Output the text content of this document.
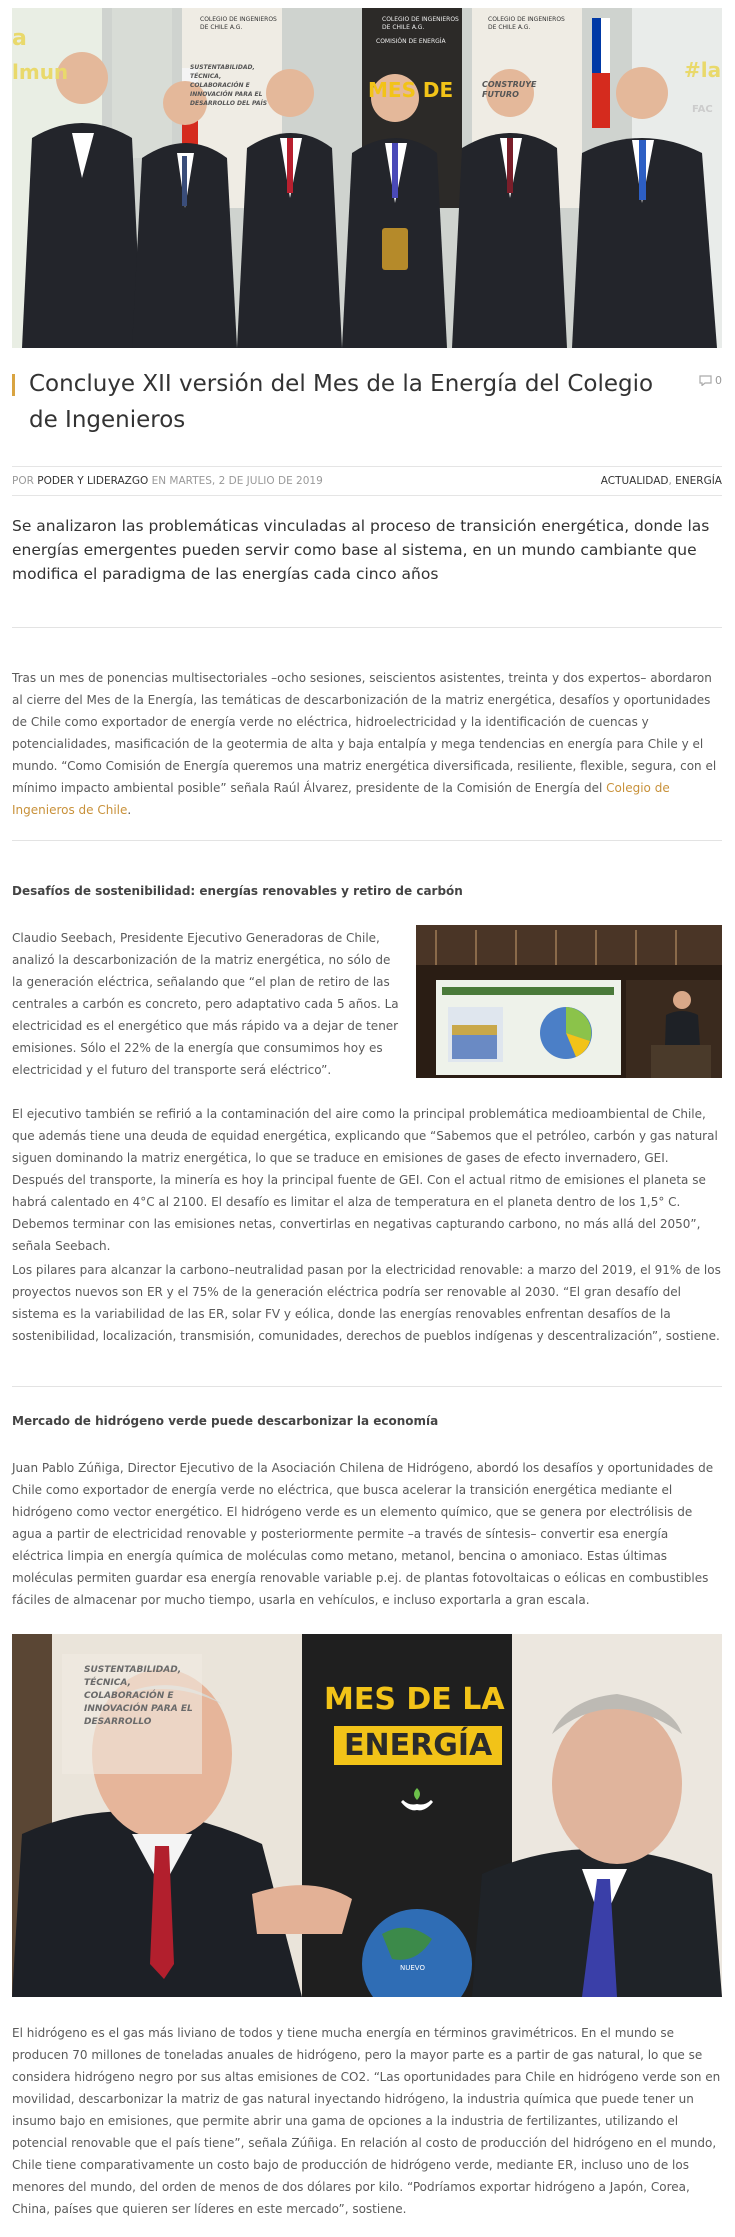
a
lmun	#la
FAC
COLEGIO DE INGENIEROS DE CHILE A.G.
COLEGIO DE INGENIEROS DE CHILE A.G.
COMISIÓN DE ENERGÍA
COLEGIO DE INGENIEROS DE CHILE A.G.
SUSTENTABILIDAD, TÉCNICA, COLABORACIÓN E INNOVACIÓN PARA EL DESARROLLO DEL PAÍS
CONSTRUYE FUTURO
MES DE
Concluye XII versión del Mes de la Energía del Colegio de Ingenieros
0
POR PODER Y LIDERAZGO EN MARTES, 2 DE JULIO DE 2019	ACTUALIDAD, ENERGÍA

Se analizaron las problemáticas vinculadas al proceso de transición energética, donde las energías emergentes pueden servir como base al sistema, en un mundo cambiante que modifica el paradigma de las energías cada cinco años

Tras un mes de ponencias multisectoriales –ocho sesiones, seiscientos asistentes, treinta y dos expertos– abordaron al cierre del Mes de la Energía, las temáticas de descarbonización de la matriz energética, desafíos y oportunidades de Chile como exportador de energía verde no eléctrica, hidroelectricidad y la identificación de cuencas y potencialidades, masificación de la geotermia de alta y baja entalpía y mega tendencias en energía para Chile y el mundo. “Como Comisión de Energía queremos una matriz energética diversificada, resiliente, flexible, segura, con el mínimo impacto ambiental posible” señala Raúl Álvarez, presidente de la Comisión de Energía del Colegio de Ingenieros de Chile.

Desafíos de sostenibilidad: energías renovables y retiro de carbón

Claudio Seebach, Presidente Ejecutivo Generadoras de Chile, analizó la descarbonización de la matriz energética, no sólo de la generación eléctrica, señalando que “el plan de retiro de las centrales a carbón es concreto, pero adaptativo cada 5 años. La electricidad es el energético que más rápido va a dejar de tener emisiones. Sólo el 22% de la energía que consumimos hoy es electricidad y el futuro del transporte será eléctrico”.

El ejecutivo también se refirió a la contaminación del aire como la principal problemática medioambiental de Chile, que además tiene una deuda de equidad energética, explicando que “Sabemos que el petróleo, carbón y gas natural siguen dominando la matriz energética, lo que se traduce en emisiones de gases de efecto invernadero, GEI. Después del transporte, la minería es hoy la principal fuente de GEI. Con el actual ritmo de emisiones el planeta se habrá calentado en 4°C al 2100. El desafío es limitar el alza de temperatura en el planeta dentro de los 1,5° C. Debemos terminar con las emisiones netas, convertirlas en negativas capturando carbono, no más allá del 2050”, señala Seebach.

Los pilares para alcanzar la carbono–neutralidad pasan por la electricidad renovable: a marzo del 2019, el 91% de los proyectos nuevos son ER y el 75% de la generación eléctrica podría ser renovable al 2030. “El gran desafío del sistema es la variabilidad de las ER, solar FV y eólica, donde las energías renovables enfrentan desafíos de la sostenibilidad, localización, transmisión, comunidades, derechos de pueblos indígenas y descentralización”, sostiene.

Mercado de hidrógeno verde puede descarbonizar la economía

Juan Pablo Zúñiga, Director Ejecutivo de la Asociación Chilena de Hidrógeno, abordó los desafíos y oportunidades de Chile como exportador de energía verde no eléctrica, que busca acelerar la transición energética mediante el hidrógeno como vector energético. El hidrógeno verde es un elemento químico, que se genera por electrólisis de agua a partir de electricidad renovable y posteriormente permite –a través de síntesis– convertir esa energía eléctrica limpia en energía química de moléculas como metano, metanol, bencina o amoniaco. Estas últimas moléculas permiten guardar esa energía renovable variable p.ej. de plantas fotovoltaicas o eólicas en combustibles fáciles de almacenar por mucho tiempo, usarla en vehículos, e incluso exportarla a gran escala.

MES DE LA
ENERGÍA
SUSTENTABILIDAD, TÉCNICA, COLABORACIÓN E INNOVACIÓN PARA EL DESARROLLO
NUEVO

El hidrógeno es el gas más liviano de todos y tiene mucha energía en términos gravimétricos. En el mundo se producen 70 millones de toneladas anuales de hidrógeno, pero la mayor parte es a partir de gas natural, lo que se considera hidrógeno negro por sus altas emisiones de CO2. “Las oportunidades para Chile en hidrógeno verde son en movilidad, descarbonizar la matriz de gas natural inyectando hidrógeno, la industria química que puede tener un insumo bajo en emisiones, que permite abrir una gama de opciones a la industria de fertilizantes, utilizando el potencial renovable que el país tiene”, señala Zúñiga. En relación al costo de producción del hidrógeno en el mundo, Chile tiene comparativamente un costo bajo de producción de hidrógeno verde, mediante ER, incluso uno de los menores del mundo, del orden de menos de dos dólares por kilo. “Podríamos exportar hidrógeno a Japón, Corea, China, países que quieren ser líderes en este mercado”, sostiene.
